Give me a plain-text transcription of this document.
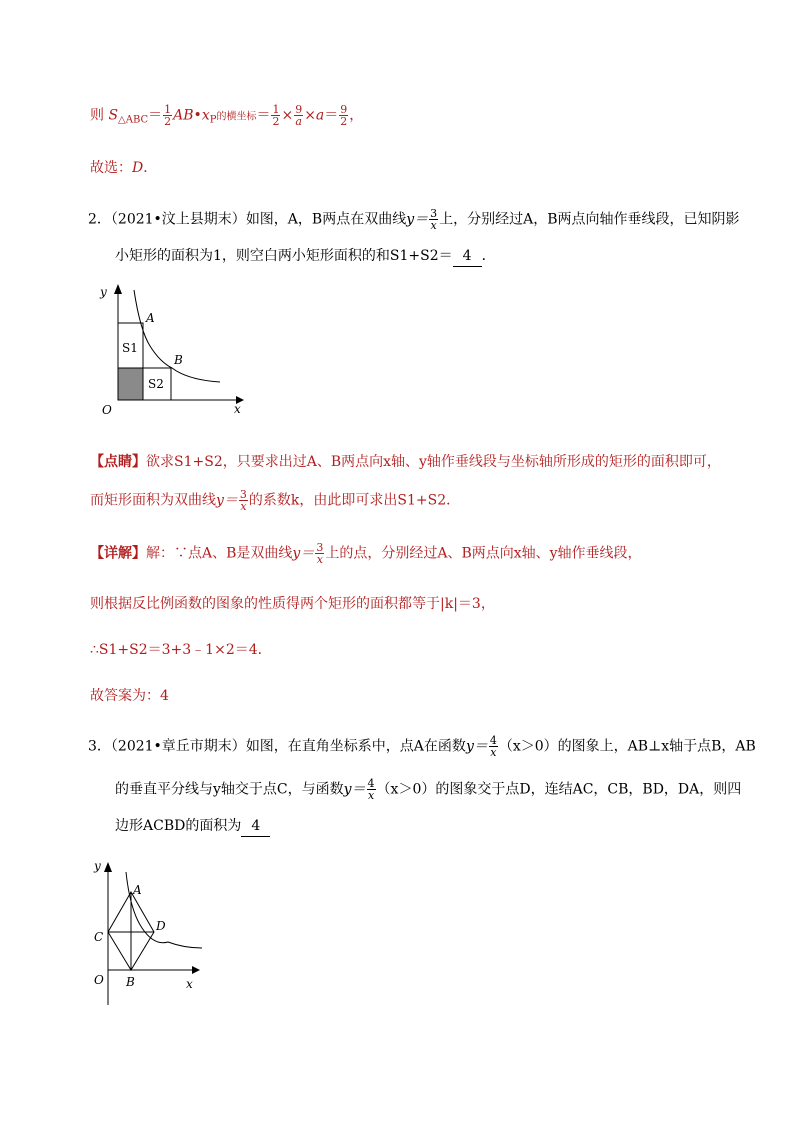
则 $S_{\triangle ABC}= \frac{1}{2}$ $AB•x_P$的横坐标＝ $\frac{1}{2} \times \frac{9}{a} \times a= \frac{9}{2}$ ，
故选：D．
2．（2021•汶上县期末）如图，A，B两点在双曲线$y= \frac{3}{x}$ 上，分别经过A，B两点向轴作垂线段，已知阴影
小矩形的面积为1，则空白两小矩形面积的和S1+S2＝ 4 ．
y
x
O
A
B
S1
S2
【点睛】欲求S1+S2，只要求出过A、B两点向x轴、y轴作垂线段与坐标轴所形成的矩形的面积即可，
而矩形面积为双曲线$y= \frac{3}{x}$ 的系数k，由此即可求出S1+S2．
【详解】解：∵点A、B是双曲线$y= \frac{3}{x}$ 上的点，分别经过A、B两点向x轴、y轴作垂线段，
则根据反比例函数的图象的性质得两个矩形的面积都等于|k|＝3，
∴S1+S2＝3+3﹣1×2＝4．
故答案为：4
3．（2021•章丘市期末）如图，在直角坐标系中，点A在函数$y= \frac{4}{x} (x>0)$的图象上，AB⊥x轴于点B，AB
的垂直平分线与y轴交于点C，与函数$y= \frac{4}{x} (x>0)$的图象交于点D，连结AC，CB，BD，DA，则四
边形ACBD的面积为 4
y
x
O
A
B
C
D
